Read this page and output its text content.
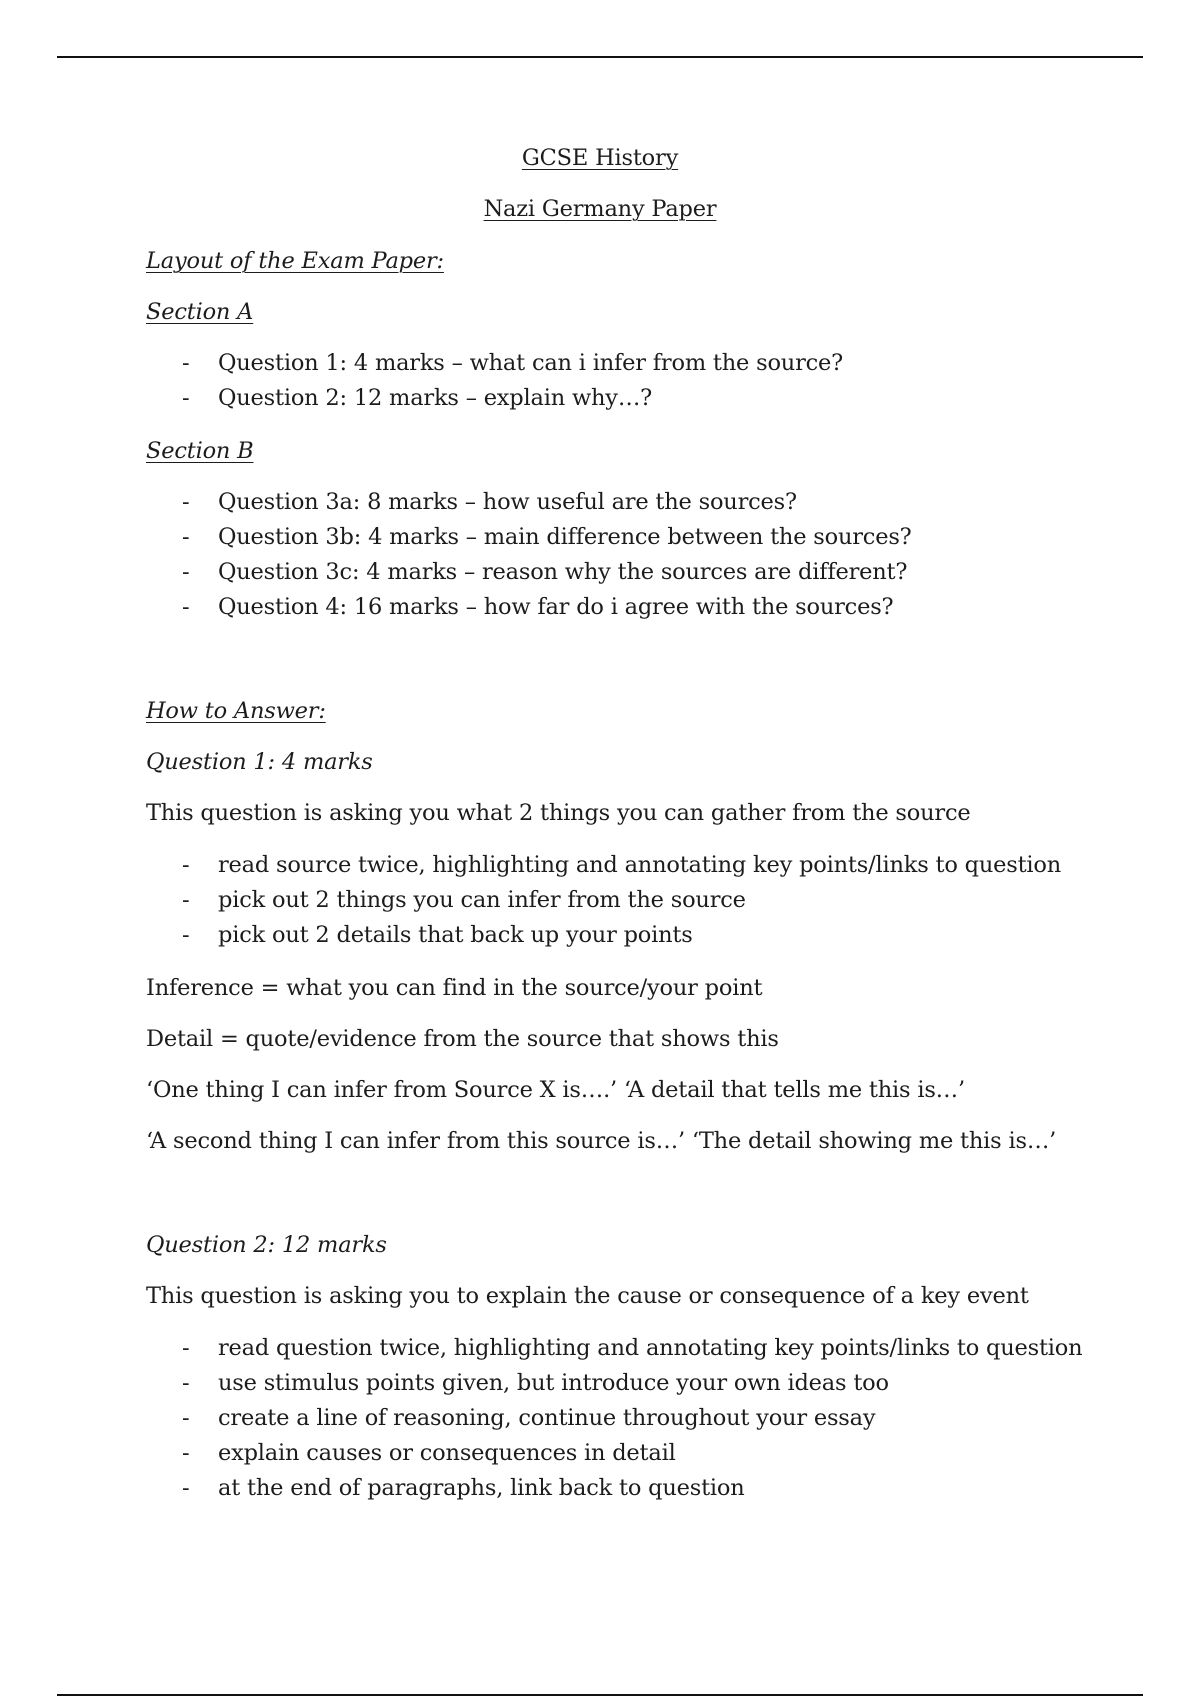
GCSE History
Nazi Germany Paper
Layout of the Exam Paper:
Section A
- Question 1: 4 marks – what can i infer from the source?
- Question 2: 12 marks – explain why…?
Section B
- Question 3a: 8 marks – how useful are the sources?
- Question 3b: 4 marks – main difference between the sources?
- Question 3c: 4 marks – reason why the sources are different?
- Question 4: 16 marks – how far do i agree with the sources?
How to Answer:
Question 1: 4 marks
This question is asking you what 2 things you can gather from the source
- read source twice, highlighting and annotating key points/links to question
- pick out 2 things you can infer from the source
- pick out 2 details that back up your points
Inference = what you can find in the source/your point
Detail = quote/evidence from the source that shows this
‘One thing I can infer from Source X is….’ ‘A detail that tells me this is…’
‘A second thing I can infer from this source is…’ ‘The detail showing me this is…’
Question 2: 12 marks
This question is asking you to explain the cause or consequence of a key event
- read question twice, highlighting and annotating key points/links to question
- use stimulus points given, but introduce your own ideas too
- create a line of reasoning, continue throughout your essay
- explain causes or consequences in detail
- at the end of paragraphs, link back to question
